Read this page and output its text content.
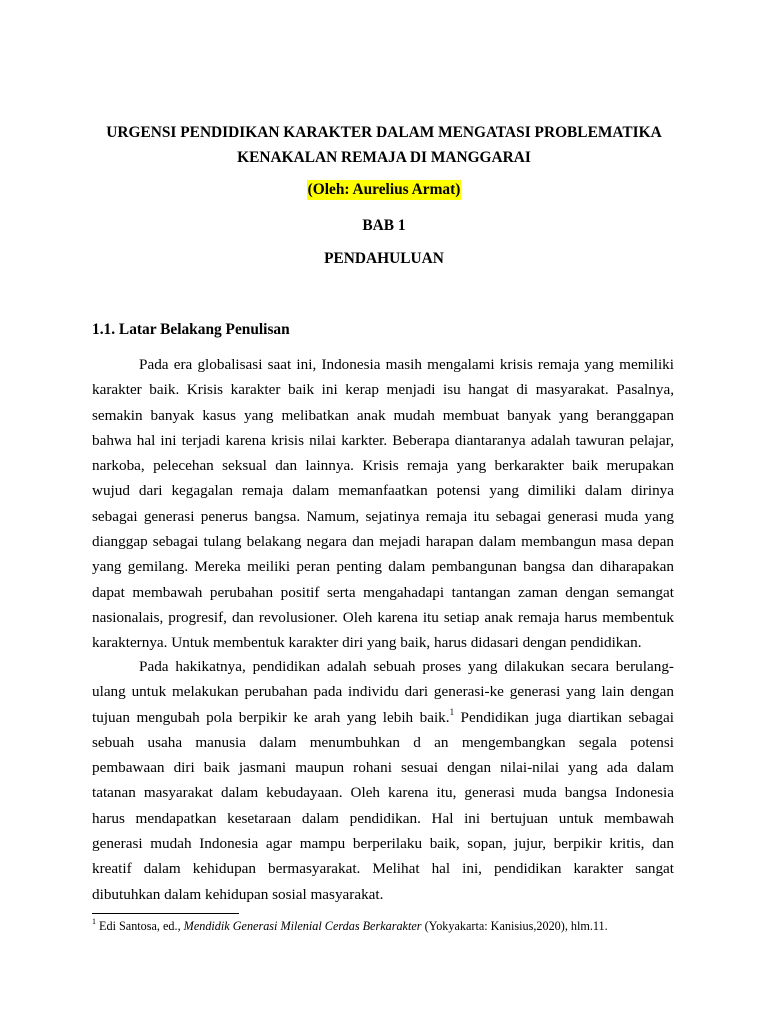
URGENSI PENDIDIKAN KARAKTER DALAM MENGATASI PROBLEMATIKA
KENAKALAN REMAJA DI MANGGARAI
(Oleh: Aurelius Armat)
BAB 1
PENDAHULUAN
1.1. Latar Belakang Penulisan
Pada era globalisasi saat ini, Indonesia masih mengalami krisis remaja yang memiliki
karakter baik. Krisis karakter baik ini kerap menjadi isu hangat di masyarakat. Pasalnya,
semakin banyak kasus yang melibatkan anak mudah membuat banyak yang beranggapan
bahwa hal ini terjadi karena krisis nilai karkter. Beberapa diantaranya adalah tawuran pelajar,
narkoba, pelecehan seksual dan lainnya. Krisis remaja yang berkarakter baik merupakan
wujud dari kegagalan remaja dalam memanfaatkan potensi yang dimiliki dalam dirinya
sebagai generasi penerus bangsa. Namum, sejatinya remaja itu sebagai generasi muda yang
dianggap sebagai tulang belakang negara dan mejadi harapan dalam membangun masa depan
yang gemilang. Mereka meiliki peran penting dalam pembangunan bangsa dan diharapakan
dapat membawah perubahan positif serta mengahadapi tantangan zaman dengan semangat
nasionalais, progresif, dan revolusioner. Oleh karena itu setiap anak remaja harus membentuk
karakternya. Untuk membentuk karakter diri yang baik, harus didasari dengan pendidikan.
Pada hakikatnya, pendidikan adalah sebuah proses yang dilakukan secara berulang-
ulang untuk melakukan perubahan pada individu dari generasi-ke generasi yang lain dengan
tujuan mengubah pola berpikir ke arah yang lebih baik.$^1$ Pendidikan juga diartikan sebagai
sebuah usaha manusia dalam menumbuhkan d an mengembangkan segala potensi
pembawaan diri baik jasmani maupun rohani sesuai dengan nilai-nilai yang ada dalam
tatanan masyarakat dalam kebudayaan. Oleh karena itu, generasi muda bangsa Indonesia
harus mendapatkan kesetaraan dalam pendidikan. Hal ini bertujuan untuk membawah
generasi mudah Indonesia agar mampu berperilaku baik, sopan, jujur, berpikir kritis, dan
kreatif dalam kehidupan bermasyarakat. Melihat hal ini, pendidikan karakter sangat
dibutuhkan dalam kehidupan sosial masyarakat.
$^1$ Edi Santosa, ed., Mendidik Generasi Milenial Cerdas Berkarakter (Yokyakarta: Kanisius,2020), hlm.11.
